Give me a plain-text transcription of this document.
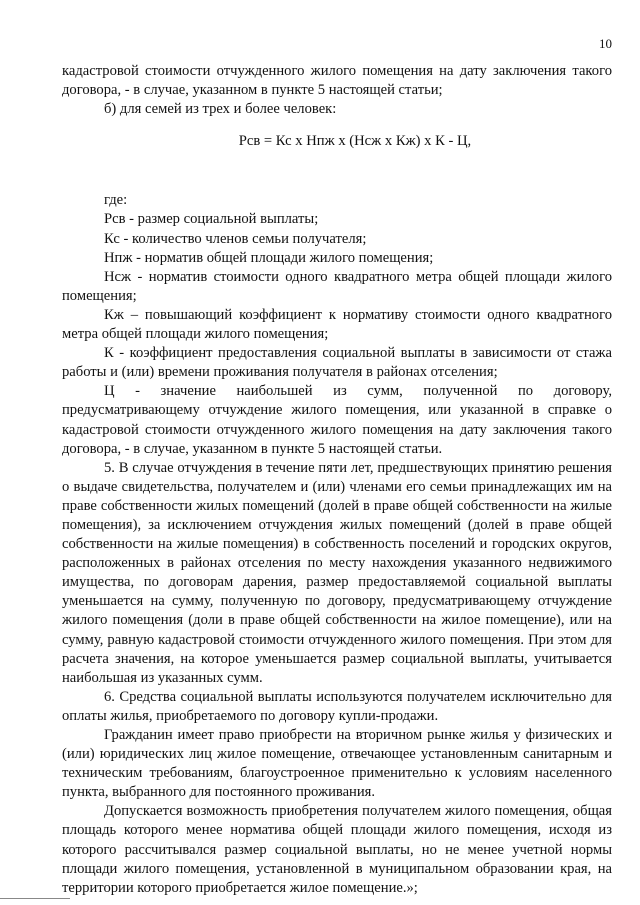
10

кадастровой стоимости отчужденного жилого помещения на дату заключения такого договора, - в случае, указанном в пункте 5 настоящей статьи;

б) для семей из трех и более человек:

Рсв = Кс х Нпж х (Нсж х Кж) х К - Ц,

где:

Рсв - размер социальной выплаты;

Кс - количество членов семьи получателя;

Нпж - норматив общей площади жилого помещения;

Нсж - норматив стоимости одного квадратного метра общей площади жилого помещения;

Кж – повышающий коэффициент к нормативу стоимости одного квадратного метра общей площади жилого помещения;

К - коэффициент предоставления социальной выплаты в зависимости от стажа работы и (или) времени проживания получателя в районах отселения;

Ц - значение наибольшей из сумм, полученной по договору, предусматривающему отчуждение жилого помещения, или указанной в справке о кадастровой стоимости отчужденного жилого помещения на дату заключения такого договора, - в случае, указанном в пункте 5 настоящей статьи.

5. В случае отчуждения в течение пяти лет, предшествующих принятию решения о выдаче свидетельства, получателем и (или) членами его семьи принадлежащих им на праве собственности жилых помещений (долей в праве общей собственности на жилые помещения), за исключением отчуждения жилых помещений (долей в праве общей собственности на жилые помещения) в собственность поселений и городских округов, расположенных в районах отселения по месту нахождения указанного недвижимого имущества, по договорам дарения, размер предоставляемой социальной выплаты уменьшается на сумму, полученную по договору, предусматривающему отчуждение жилого помещения (доли в праве общей собственности на жилое помещение), или на сумму, равную кадастровой стоимости отчужденного жилого помещения. При этом для расчета значения, на которое уменьшается размер социальной выплаты, учитывается наибольшая из указанных сумм.

6. Средства социальной выплаты используются получателем исключительно для оплаты жилья, приобретаемого по договору купли-продажи.

Гражданин имеет право приобрести на вторичном рынке жилья у физических и (или) юридических лиц жилое помещение, отвечающее установленным санитарным и техническим требованиям, благоустроенное применительно к условиям населенного пункта, выбранного для постоянного проживания.

Допускается возможность приобретения получателем жилого помещения, общая площадь которого менее норматива общей площади жилого помещения, исходя из которого рассчитывался размер социальной выплаты, но не менее учетной нормы площади жилого помещения, установленной в муниципальном образовании края, на территории которого приобретается жилое помещение.»;
